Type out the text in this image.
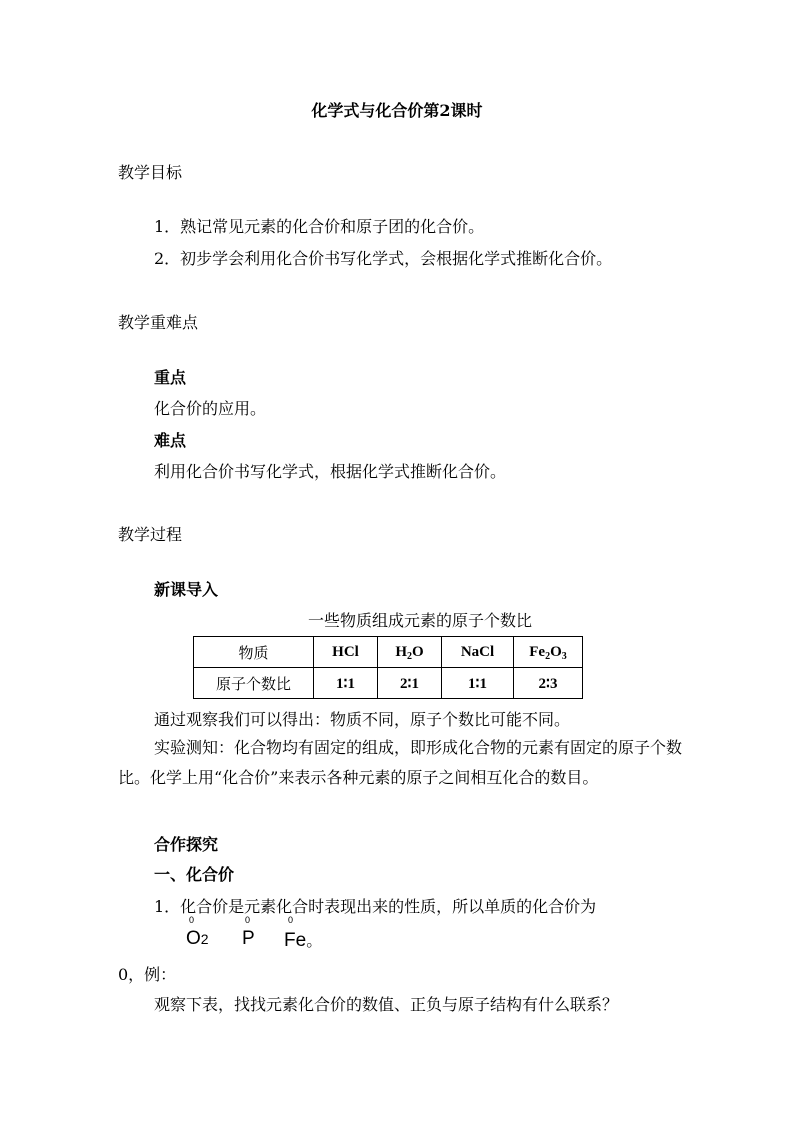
化学式与化合价第2课时
教学目标
1．熟记常见元素的化合价和原子团的化合价。
2．初步学会利用化合价书写化学式，会根据化学式推断化合价。
教学重难点
重点
化合价的应用。
难点
利用化合价书写化学式，根据化学式推断化合价。
教学过程
新课导入
一些物质组成元素的原子个数比
物质	HCl	$H_2O$	NaCl	$Fe_2O_3$
原子个数比	1∶1	2∶1	1∶1	2∶3
通过观察我们可以得出：物质不同，原子个数比可能不同。
实验测知：化合物均有固定的组成，即形成化合物的元素有固定的原子个数比。化学上用“化合价”来表示各种元素的原子之间相互化合的数目。
合作探究
一、化合价
1．化合价是元素化合时表现出来的性质，所以单质的化合价为
0，例：
0
O2
0
P
0
Fe。
观察下表，找找元素化合价的数值、正负与原子结构有什么联系？
